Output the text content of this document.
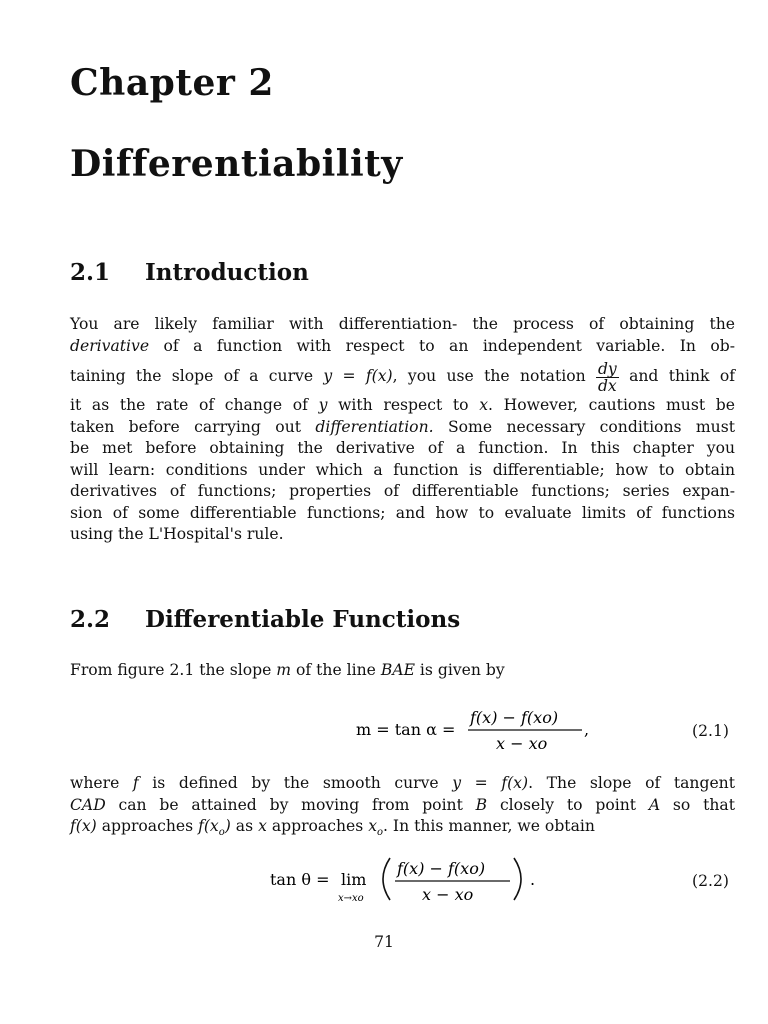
Chapter 2
Differentiability
2.1 Introduction
You are likely familiar with differentiation- the process of obtaining the
derivative of a function with respect to an independent variable. In ob-
taining the slope of a curve y = f(x), you use the notation $\frac{dy}{dx}$ and think of
it as the rate of change of y with respect to x. However, cautions must be
taken before carrying out differentiation. Some necessary conditions must
be met before obtaining the derivative of a function. In this chapter you
will learn: conditions under which a function is differentiable; how to obtain
derivatives of functions; properties of differentiable functions; series expan-
sion of some differentiable functions; and how to evaluate limits of functions
using the L'Hospital's rule.
2.2 Differentiable Functions
From figure 2.1 the slope m of the line BAE is given by
m = tan α =
f(x) − f(xo)
x − xo
,	(2.1)
where f is defined by the smooth curve y = f(x). The slope of tangent
CAD can be attained by moving from point B closely to point A so that
f(x) approaches $f(x_o)$ as x approaches $x_o$. In this manner, we obtain
tan θ = lim
x→xo
f(x) − f(xo)
x − xo
.	(2.2)
71
